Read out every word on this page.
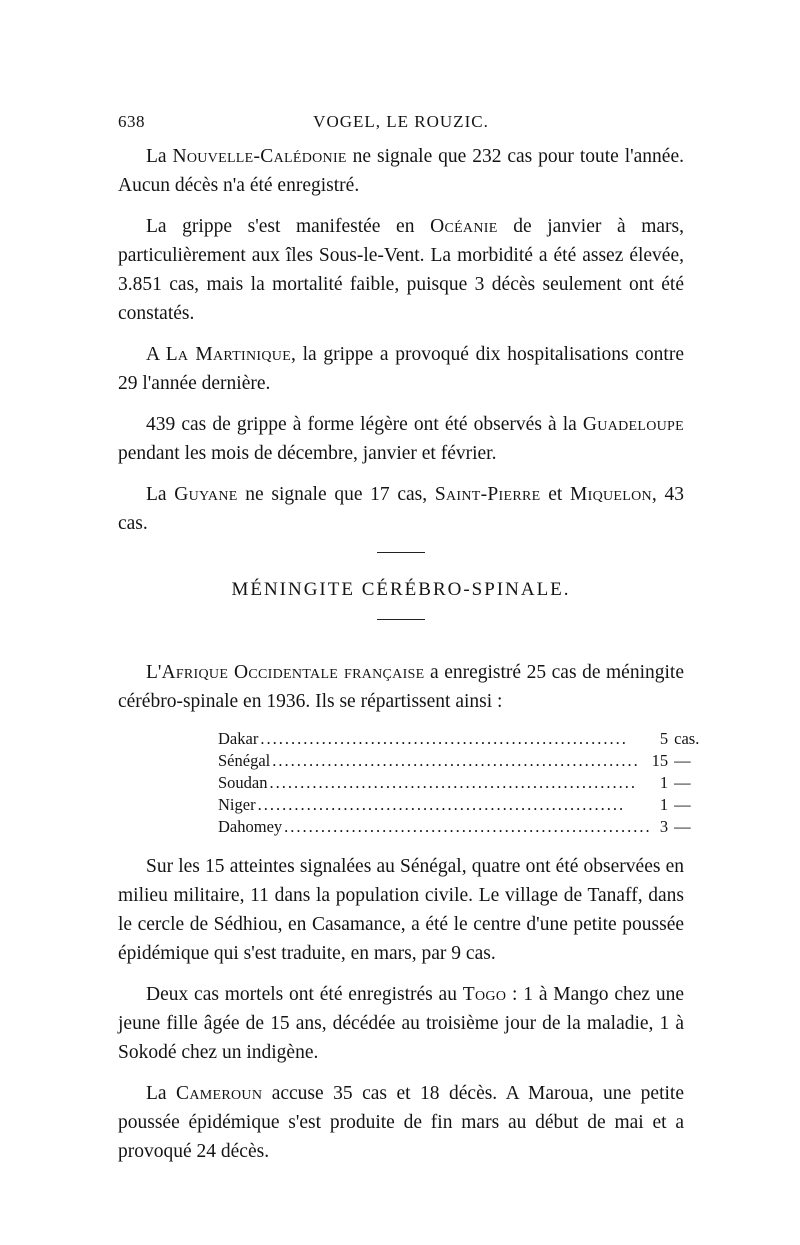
638	VOGEL, LE ROUZIC.

La Nouvelle-Calédonie ne signale que 232 cas pour toute l'année. Aucun décès n'a été enregistré.

La grippe s'est manifestée en Océanie de janvier à mars, particulièrement aux îles Sous-le-Vent. La morbidité a été assez élevée, 3.851 cas, mais la mortalité faible, puisque 3 décès seulement ont été constatés.

A La Martinique, la grippe a provoqué dix hospitalisations contre 29 l'année dernière.

439 cas de grippe à forme légère ont été observés à la Guadeloupe pendant les mois de décembre, janvier et février.

La Guyane ne signale que 17 cas, Saint-Pierre et Miquelon, 43 cas.

MÉNINGITE CÉRÉBRO-SPINALE.

L'Afrique Occidentale française a enregistré 25 cas de méningite cérébro-spinale en 1936. Ils se répartissent ainsi :

Dakar ............................................................	5	cas.
Sénégal ............................................................	15	—
Soudan ............................................................	1	—
Niger ............................................................	1	—
Dahomey ............................................................	3	—

Sur les 15 atteintes signalées au Sénégal, quatre ont été observées en milieu militaire, 11 dans la population civile. Le village de Tanaff, dans le cercle de Sédhiou, en Casamance, a été le centre d'une petite poussée épidémique qui s'est traduite, en mars, par 9 cas.

Deux cas mortels ont été enregistrés au Togo : 1 à Mango chez une jeune fille âgée de 15 ans, décédée au troisième jour de la maladie, 1 à Sokodé chez un indigène.

La Cameroun accuse 35 cas et 18 décès. A Maroua, une petite poussée épidémique s'est produite de fin mars au début de mai et a provoqué 24 décès.
